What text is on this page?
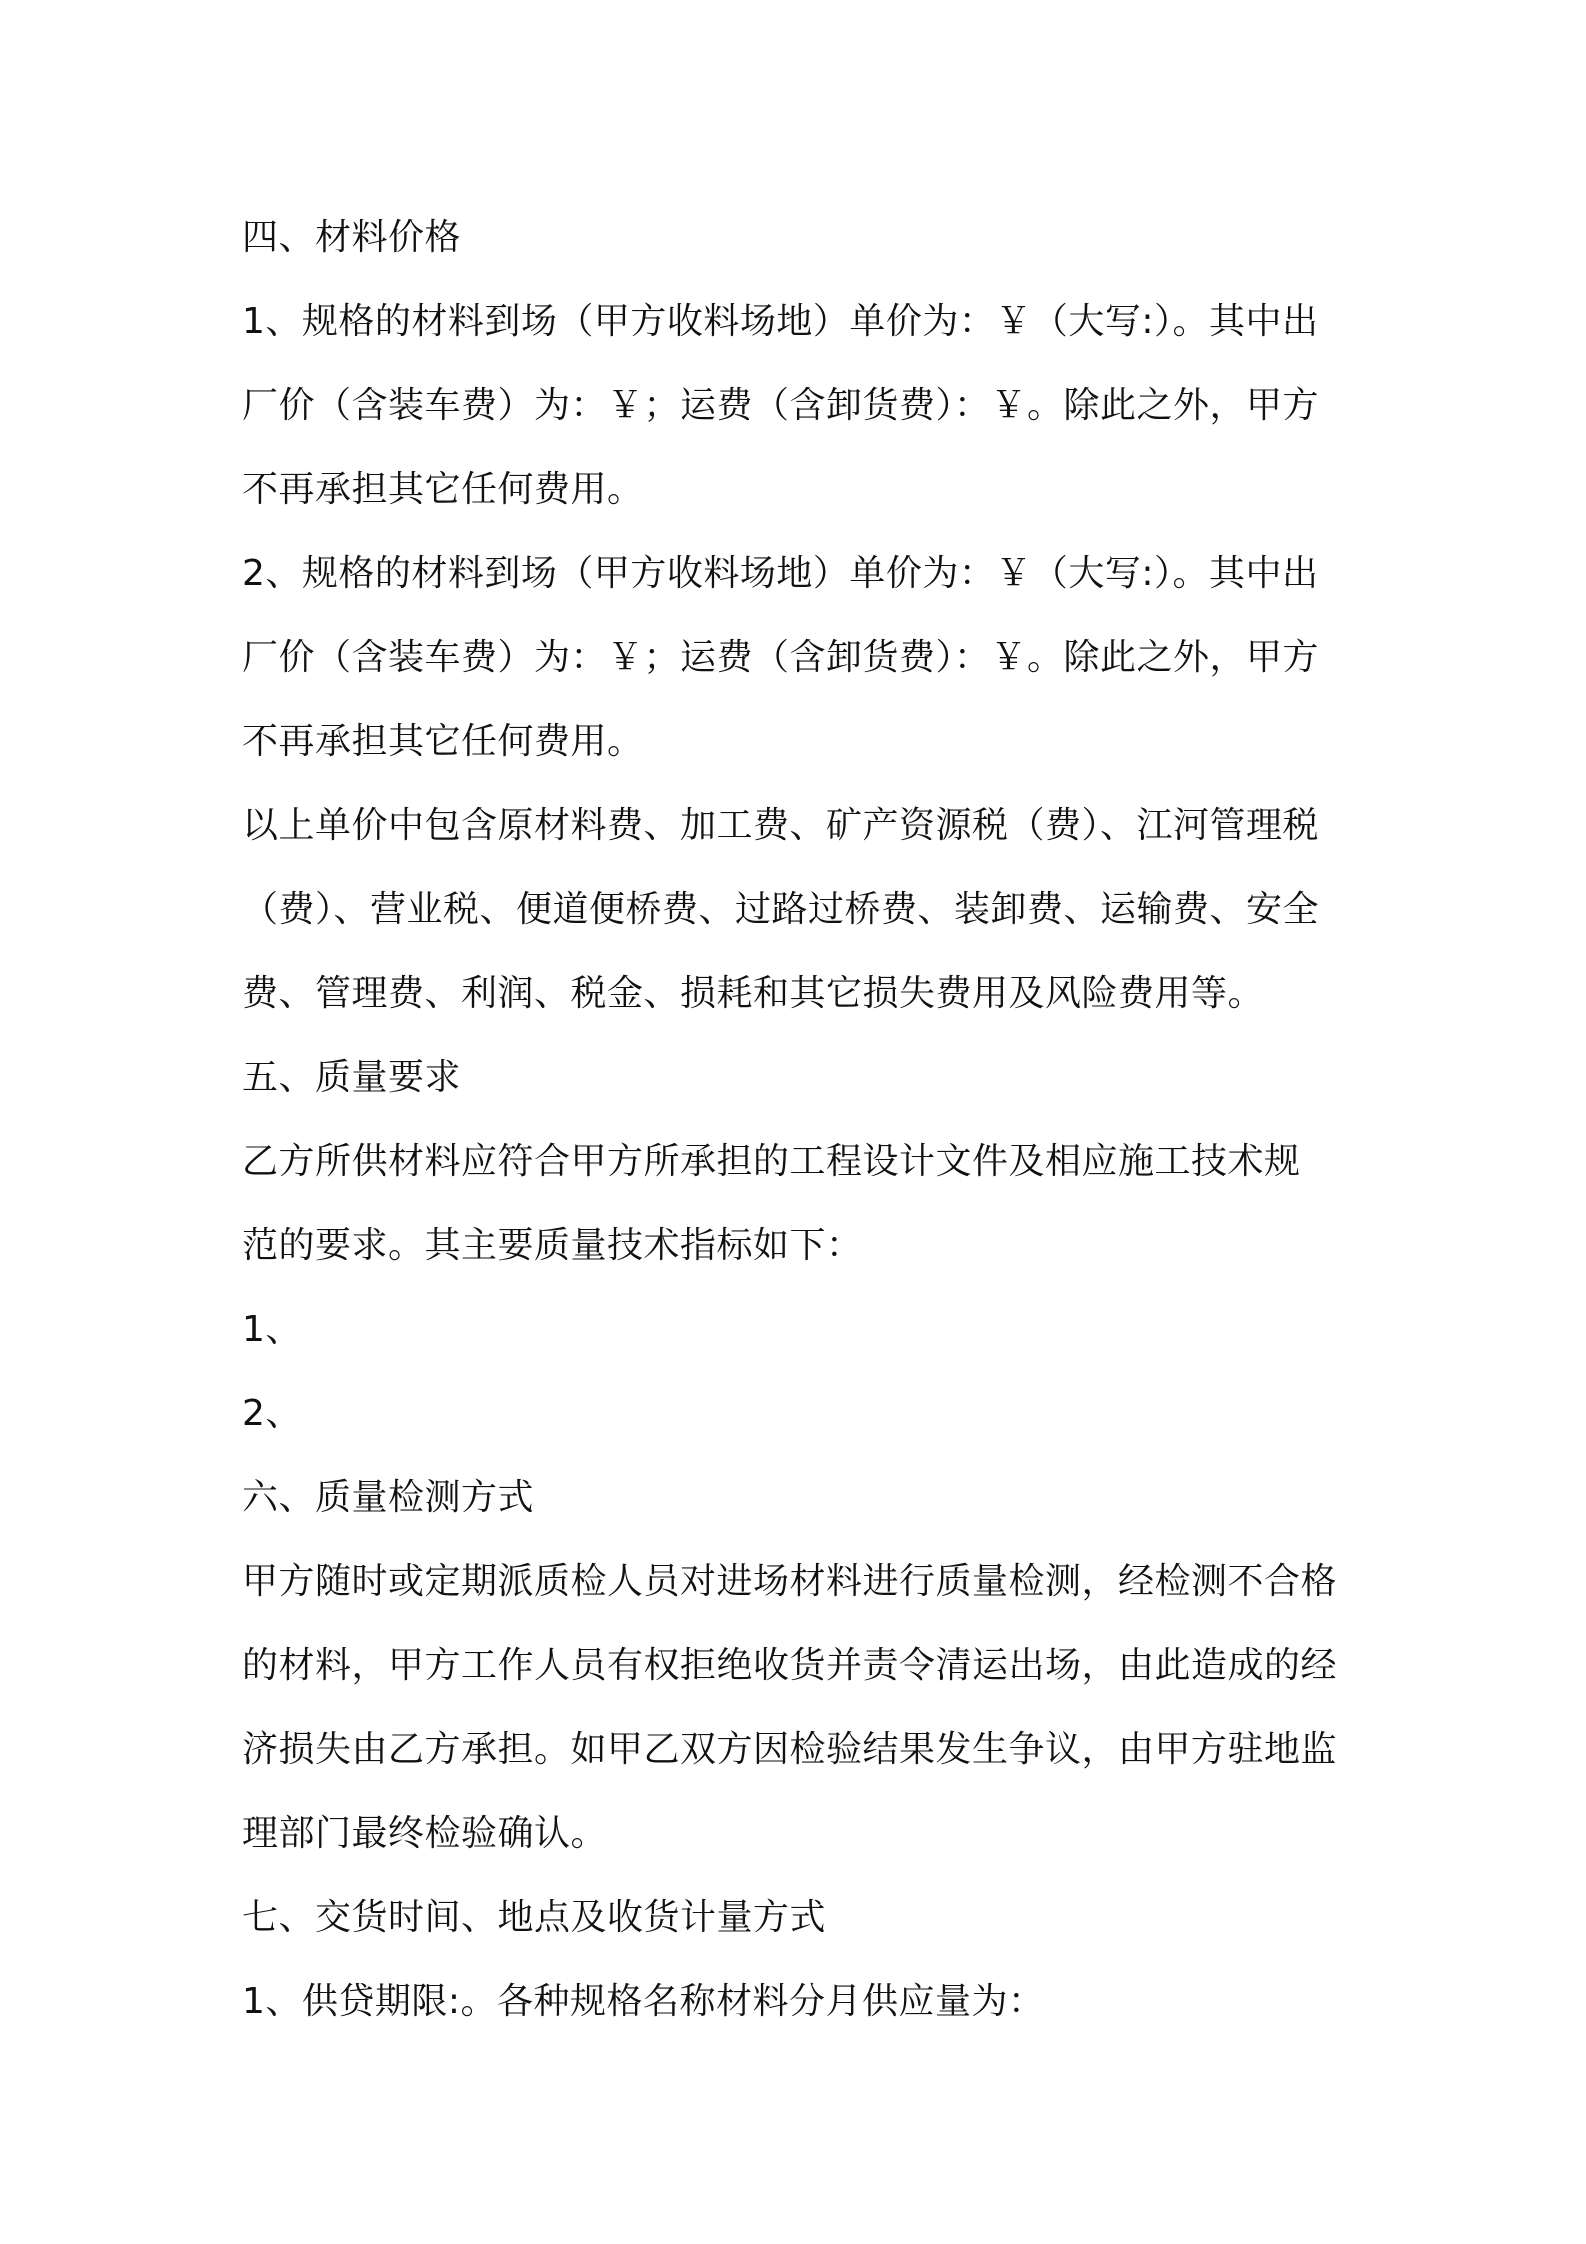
四、材料价格

1、规格的材料到场（甲方收料场地）单价为：￥（大写:）。其中出

厂价（含装车费）为：￥；运费（含卸货费）：￥。除此之外，甲方

不再承担其它任何费用。

2、规格的材料到场（甲方收料场地）单价为：￥（大写:）。其中出

厂价（含装车费）为：￥；运费（含卸货费）：￥。除此之外，甲方

不再承担其它任何费用。

以上单价中包含原材料费、加工费、矿产资源税（费）、江河管理税

（费）、营业税、便道便桥费、过路过桥费、装卸费、运输费、安全

费、管理费、利润、税金、损耗和其它损失费用及风险费用等。

五、质量要求

乙方所供材料应符合甲方所承担的工程设计文件及相应施工技术规

范的要求。其主要质量技术指标如下：

1、

2、

六、质量检测方式

甲方随时或定期派质检人员对进场材料进行质量检测，经检测不合格

的材料，甲方工作人员有权拒绝收货并责令清运出场，由此造成的经

济损失由乙方承担。如甲乙双方因检验结果发生争议，由甲方驻地监

理部门最终检验确认。

七、交货时间、地点及收货计量方式

1、供贷期限:。各种规格名称材料分月供应量为：
